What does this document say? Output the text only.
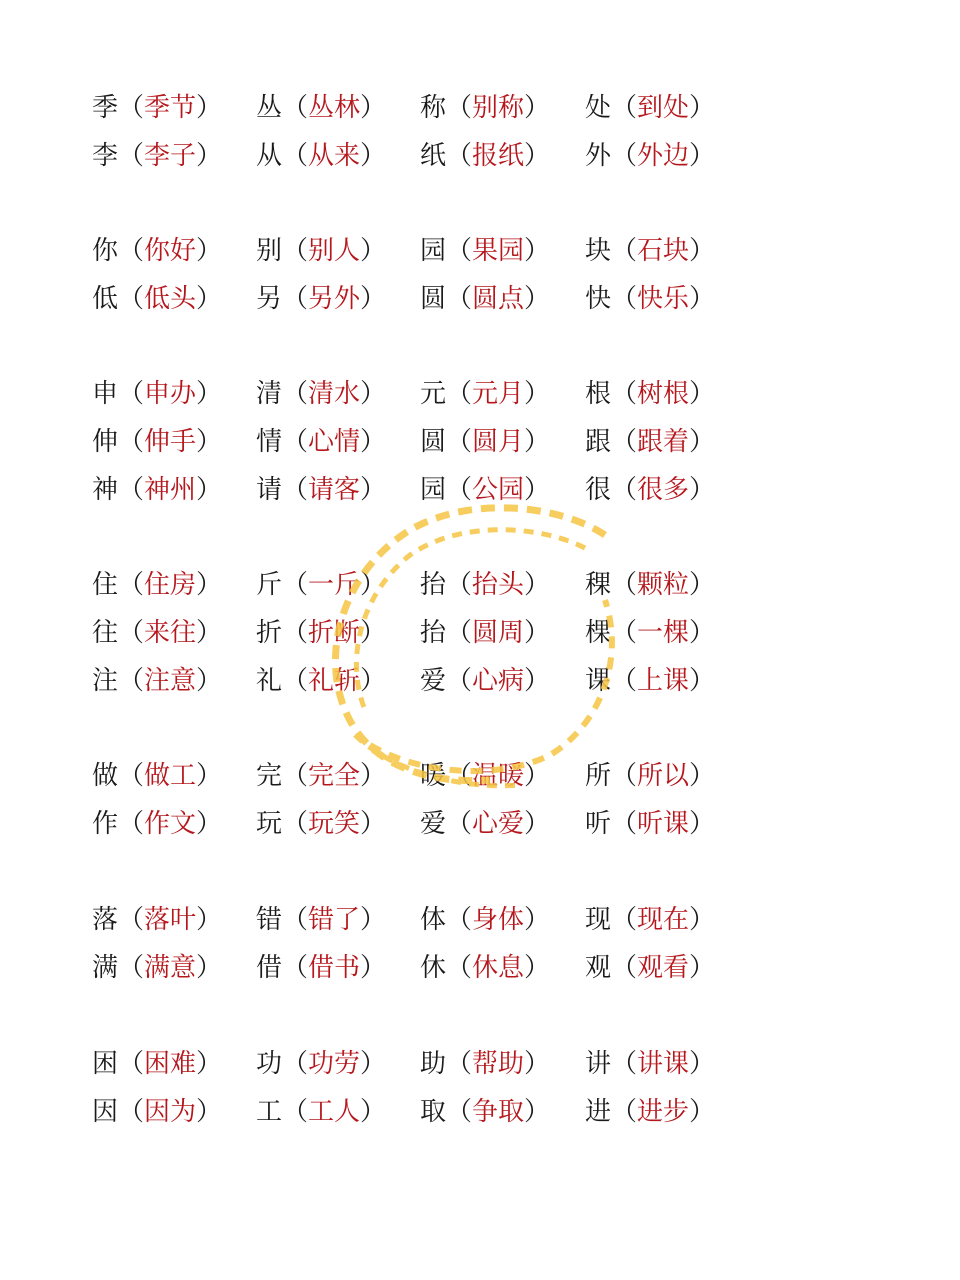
季（季节） 丛（丛林） 称（别称） 处（到处）
李（李子） 从（从来） 纸（报纸） 外（外边）
你（你好） 别（别人） 园（果园） 块（石块）
低（低头） 另（另外） 圆（圆点） 快（快乐）
申（申办） 清（清水） 元（元月） 根（树根）
伸（伸手） 情（心情） 圆（圆月） 跟（跟着）
神（神州） 请（请客） 园（公园） 很（很多）
住（住房） 斤（一斤） 抬（抬头） 稞（颗粒）
往（来往） 折（折断） 抬（圆周） 棵（一棵）
注（注意） 礼（礼斩） 爱（心病） 课（上课）
做（做工） 完（完全） 暖（温暖） 所（所以）
作（作文） 玩（玩笑） 爱（心爱） 听（听课）
落（落叶） 错（错了） 体（身体） 现（现在）
满（满意） 借（借书） 休（休息） 观（观看）
困（困难） 功（功劳） 助（帮助） 讲（讲课）
因（因为） 工（工人） 取（争取） 进（进步）
